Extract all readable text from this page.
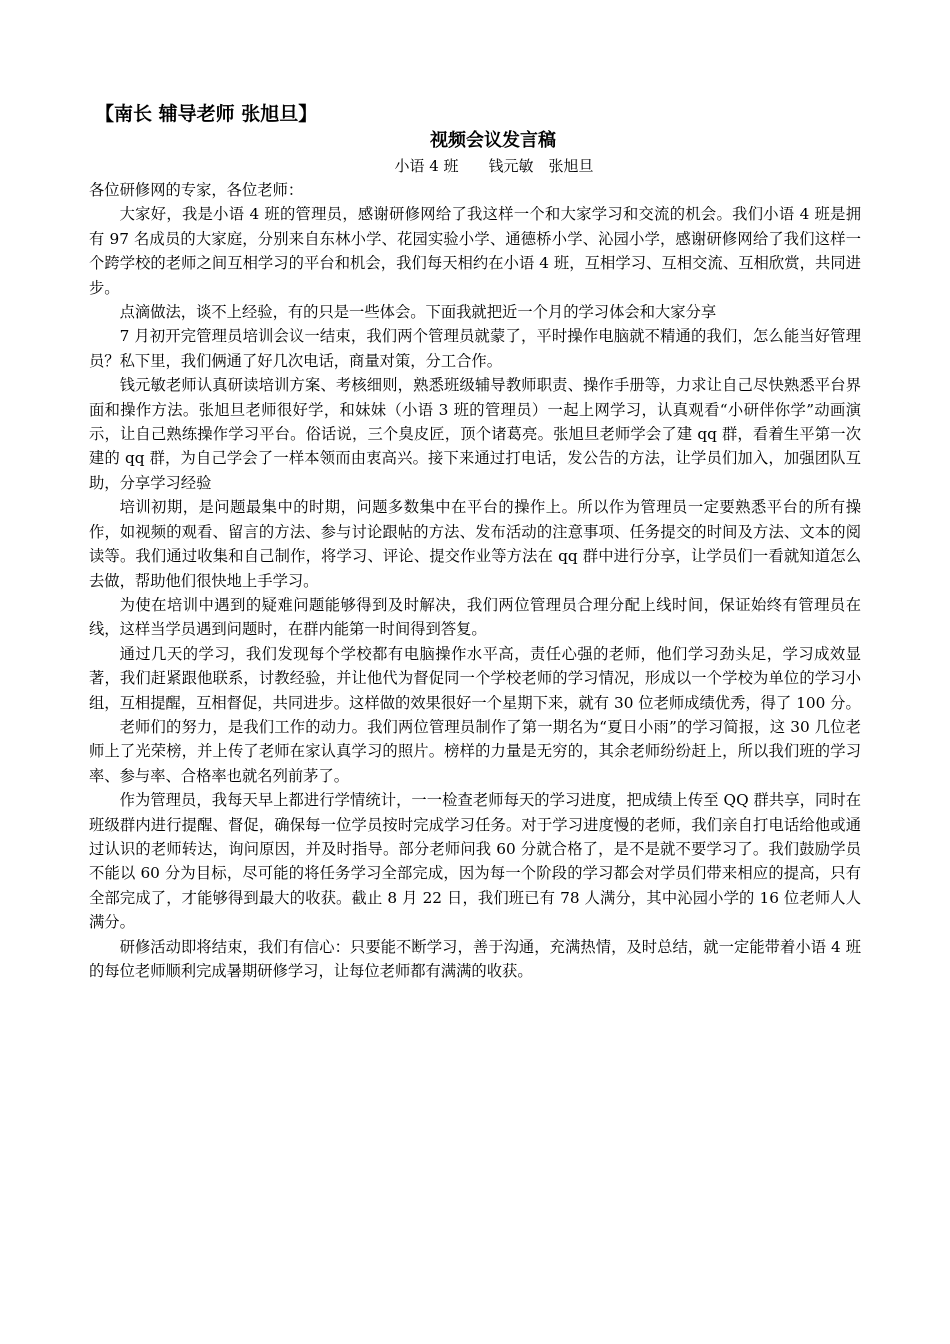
【南长 辅导老师 张旭旦】
视频会议发言稿
小语 4 班　　钱元敏　张旭旦

各位研修网的专家，各位老师：

大家好，我是小语 4 班的管理员，感谢研修网给了我这样一个和大家学习和交流的机会。我们小语 4 班是拥有 97 名成员的大家庭，分别来自东林小学、花园实验小学、通德桥小学、沁园小学，感谢研修网给了我们这样一个跨学校的老师之间互相学习的平台和机会，我们每天相约在小语 4 班，互相学习、互相交流、互相欣赏，共同进步。

点滴做法，谈不上经验，有的只是一些体会。下面我就把近一个月的学习体会和大家分享

7 月初开完管理员培训会议一结束，我们两个管理员就蒙了，平时操作电脑就不精通的我们，怎么能当好管理员？私下里，我们俩通了好几次电话，商量对策，分工合作。

钱元敏老师认真研读培训方案、考核细则，熟悉班级辅导教师职责、操作手册等，力求让自己尽快熟悉平台界面和操作方法。张旭旦老师很好学，和妹妹（小语 3 班的管理员）一起上网学习，认真观看“小研伴你学”动画演示，让自己熟练操作学习平台。俗话说，三个臭皮匠，顶个诸葛亮。张旭旦老师学会了建 qq 群，看着生平第一次建的 qq 群，为自己学会了一样本领而由衷高兴。接下来通过打电话，发公告的方法，让学员们加入，加强团队互助，分享学习经验

培训初期，是问题最集中的时期，问题多数集中在平台的操作上。所以作为管理员一定要熟悉平台的所有操作，如视频的观看、留言的方法、参与讨论跟帖的方法、发布活动的注意事项、任务提交的时间及方法、文本的阅读等。我们通过收集和自己制作，将学习、评论、提交作业等方法在 qq 群中进行分享，让学员们一看就知道怎么去做，帮助他们很快地上手学习。

为使在培训中遇到的疑难问题能够得到及时解决，我们两位管理员合理分配上线时间，保证始终有管理员在线，这样当学员遇到问题时，在群内能第一时间得到答复。

通过几天的学习，我们发现每个学校都有电脑操作水平高，责任心强的老师，他们学习劲头足，学习成效显著，我们赶紧跟他联系，讨教经验，并让他代为督促同一个学校老师的学习情况，形成以一个学校为单位的学习小组，互相提醒，互相督促，共同进步。这样做的效果很好一个星期下来，就有 30 位老师成绩优秀，得了 100 分。

老师们的努力，是我们工作的动力。我们两位管理员制作了第一期名为“夏日小雨”的学习简报，这 30 几位老师上了光荣榜，并上传了老师在家认真学习的照片。榜样的力量是无穷的，其余老师纷纷赶上，所以我们班的学习率、参与率、合格率也就名列前茅了。

作为管理员，我每天早上都进行学情统计，一一检查老师每天的学习进度，把成绩上传至 QQ 群共享，同时在班级群内进行提醒、督促，确保每一位学员按时完成学习任务。对于学习进度慢的老师，我们亲自打电话给他或通过认识的老师转达，询问原因，并及时指导。部分老师问我 60 分就合格了，是不是就不要学习了。我们鼓励学员不能以 60 分为目标，尽可能的将任务学习全部完成，因为每一个阶段的学习都会对学员们带来相应的提高，只有全部完成了，才能够得到最大的收获。截止 8 月 22 日，我们班已有 78 人满分，其中沁园小学的 16 位老师人人满分。

研修活动即将结束，我们有信心：只要能不断学习，善于沟通，充满热情，及时总结，就一定能带着小语 4 班的每位老师顺利完成暑期研修学习，让每位老师都有满满的收获。
